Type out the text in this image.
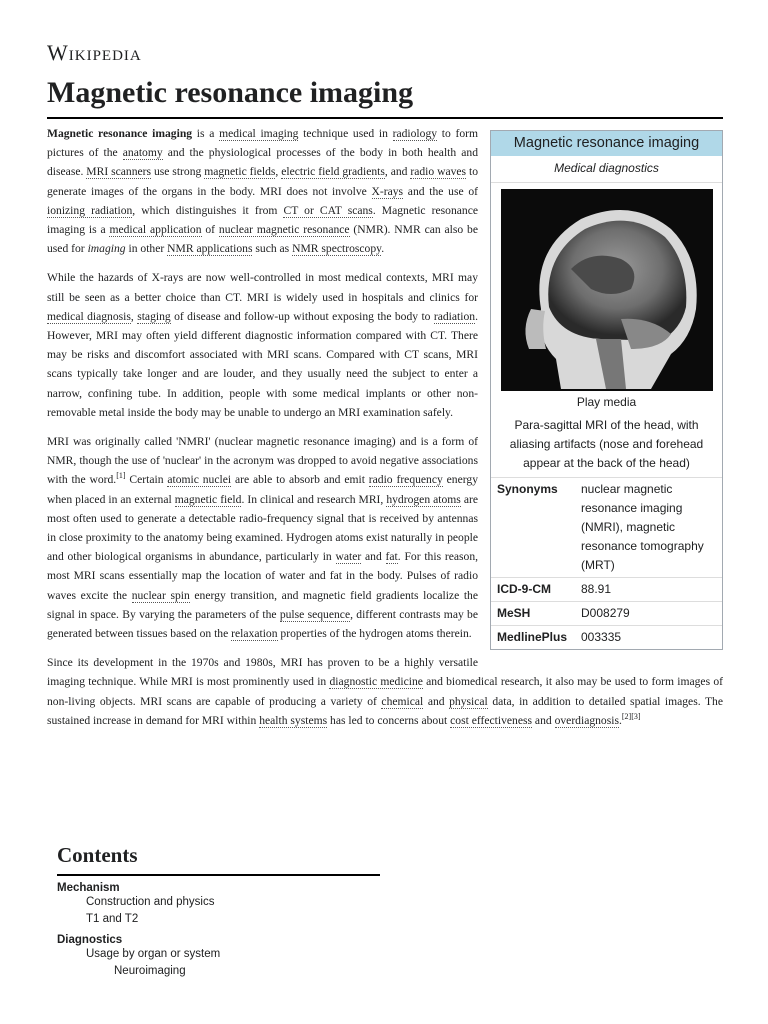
Wikipedia
Magnetic resonance imaging
Magnetic resonance imaging
Medical diagnostics
Play media
Para-sagittal MRI of the head, with aliasing artifacts (nose and forehead appear at the back of the head)
Synonyms	nuclear magnetic resonance imaging (NMRI), magnetic resonance tomography (MRT)
ICD-9-CM	88.91
MeSH	D008279
MedlinePlus	003335

Magnetic resonance imaging is a medical imaging technique used in radiology to form pictures of the anatomy and the physiological processes of the body in both health and disease. MRI scanners use strong magnetic fields, electric field gradients, and radio waves to generate images of the organs in the body. MRI does not involve X-rays and the use of ionizing radiation, which distinguishes it from CT or CAT scans. Magnetic resonance imaging is a medical application of nuclear magnetic resonance (NMR). NMR can also be used for imaging in other NMR applications such as NMR spectroscopy.

While the hazards of X-rays are now well-controlled in most medical contexts, MRI may still be seen as a better choice than CT. MRI is widely used in hospitals and clinics for medical diagnosis, staging of disease and follow-up without exposing the body to radiation. However, MRI may often yield different diagnostic information compared with CT. There may be risks and discomfort associated with MRI scans. Compared with CT scans, MRI scans typically take longer and are louder, and they usually need the subject to enter a narrow, confining tube. In addition, people with some medical implants or other non-removable metal inside the body may be unable to undergo an MRI examination safely.

MRI was originally called 'NMRI' (nuclear magnetic resonance imaging) and is a form of NMR, though the use of 'nuclear' in the acronym was dropped to avoid negative associations with the word.[1] Certain atomic nuclei are able to absorb and emit radio frequency energy when placed in an external magnetic field. In clinical and research MRI, hydrogen atoms are most often used to generate a detectable radio-frequency signal that is received by antennas in close proximity to the anatomy being examined. Hydrogen atoms exist naturally in people and other biological organisms in abundance, particularly in water and fat. For this reason, most MRI scans essentially map the location of water and fat in the body. Pulses of radio waves excite the nuclear spin energy transition, and magnetic field gradients localize the signal in space. By varying the parameters of the pulse sequence, different contrasts may be generated between tissues based on the relaxation properties of the hydrogen atoms therein.

Since its development in the 1970s and 1980s, MRI has proven to be a highly versatile imaging technique. While MRI is most prominently used in diagnostic medicine and biomedical research, it also may be used to form images of non-living objects. MRI scans are capable of producing a variety of chemical and physical data, in addition to detailed spatial images. The sustained increase in demand for MRI within health systems has led to concerns about cost effectiveness and overdiagnosis.[2][3]

Contents
Mechanism
Construction and physics
T1 and T2
Diagnostics
Usage by organ or system
Neuroimaging
